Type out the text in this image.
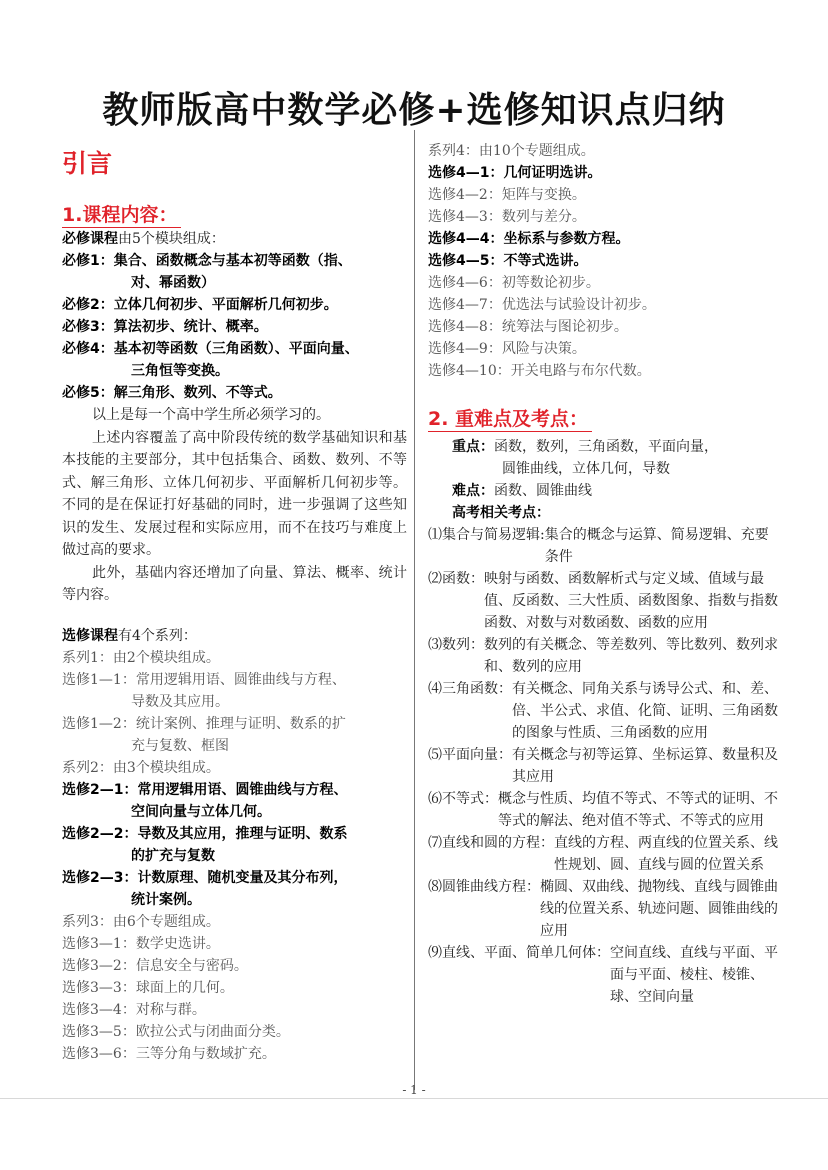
教师版高中数学必修+选修知识点归纳
引言
1.课程内容：
必修课程由5个模块组成：
必修1：集合、函数概念与基本初等函数（指、
对、幂函数）
必修2：立体几何初步、平面解析几何初步。
必修3：算法初步、统计、概率。
必修4：基本初等函数（三角函数）、平面向量、
三角恒等变换。
必修5：解三角形、数列、不等式。

以上是每一个高中学生所必须学习的。

上述内容覆盖了高中阶段传统的数学基础知识和基本技能的主要部分，其中包括集合、函数、数列、不等式、解三角形、立体几何初步、平面解析几何初步等。不同的是在保证打好基础的同时，进一步强调了这些知识的发生、发展过程和实际应用，而不在技巧与难度上做过高的要求。

此外，基础内容还增加了向量、算法、概率、统计等内容。

选修课程有4个系列：
系列1：由2个模块组成。
选修1—1：常用逻辑用语、圆锥曲线与方程、
导数及其应用。
选修1—2：统计案例、推理与证明、数系的扩
充与复数、框图
系列2：由3个模块组成。
选修2—1：常用逻辑用语、圆锥曲线与方程、
空间向量与立体几何。
选修2—2：导数及其应用，推理与证明、数系
的扩充与复数
选修2—3：计数原理、随机变量及其分布列，
统计案例。
系列3：由6个专题组成。
选修3—1：数学史选讲。
选修3—2：信息安全与密码。
选修3—3：球面上的几何。
选修3—4：对称与群。
选修3—5：欧拉公式与闭曲面分类。
选修3—6：三等分角与数域扩充。
系列4：由10个专题组成。
选修4—1：几何证明选讲。
选修4—2：矩阵与变换。
选修4—3：数列与差分。
选修4—4：坐标系与参数方程。
选修4—5：不等式选讲。
选修4—6：初等数论初步。
选修4—7：优选法与试验设计初步。
选修4—8：统筹法与图论初步。
选修4—9：风险与决策。
选修4—10：开关电路与布尔代数。
2. 重难点及考点：
重点：函数，数列，三角函数，平面向量，
圆锥曲线，立体几何，导数
难点：函数、圆锥曲线
高考相关考点：
⑴集合与简易逻辑: 集合的概念与运算、简易逻辑、充要条件
⑵函数： 映射与函数、函数解析式与定义域、值域与最值、反函数、三大性质、函数图象、指数与指数函数、对数与对数函数、函数的应用
⑶数列： 数列的有关概念、等差数列、等比数列、数列求和、数列的应用
⑷三角函数： 有关概念、同角关系与诱导公式、和、差、倍、半公式、求值、化简、证明、三角函数的图象与性质、三角函数的应用
⑸平面向量： 有关概念与初等运算、坐标运算、数量积及其应用
⑹不等式： 概念与性质、均值不等式、不等式的证明、不等式的解法、绝对值不等式、不等式的应用
⑺直线和圆的方程： 直线的方程、两直线的位置关系、线性规划、圆、直线与圆的位置关系
⑻圆锥曲线方程： 椭圆、双曲线、抛物线、直线与圆锥曲线的位置关系、轨迹问题、圆锥曲线的应用
⑼直线、平面、简单几何体： 空间直线、直线与平面、平面与平面、棱柱、棱锥、球、空间向量
- 1 -
